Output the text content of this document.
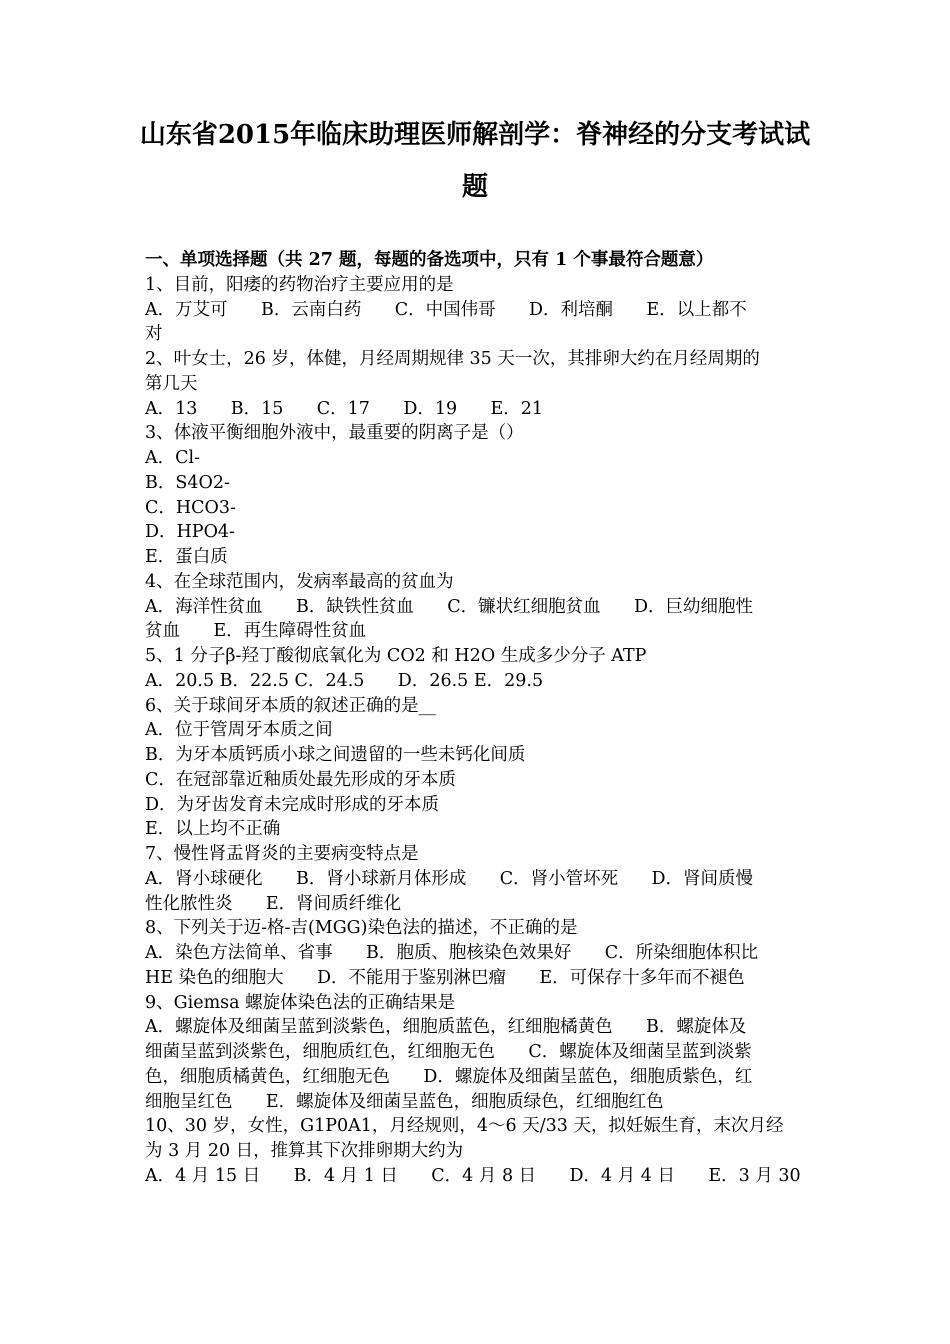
山东省2015年临床助理医师解剖学：脊神经的分支考试试
题
一、单项选择题（共 27 题，每题的备选项中，只有 1 个事最符合题意）
1、目前，阳痿的药物治疗主要应用的是
A．万艾可      B．云南白药      C．中国伟哥      D．利培酮      E．以上都不
对
2、叶女士，26 岁，体健，月经周期规律 35 天一次，其排卵大约在月经周期的
第几天
A．13      B．15      C．17      D．19      E．21
3、体液平衡细胞外液中，最重要的阴离子是（）
A．Cl-
B．S4O2-
C．HCO3-
D．HPO4-
E．蛋白质
4、在全球范围内，发病率最高的贫血为
A．海洋性贫血      B．缺铁性贫血      C．镰状红细胞贫血      D．巨幼细胞性
贫血      E．再生障碍性贫血
5、1 分子β-羟丁酸彻底氧化为 CO2 和 H2O 生成多少分子 ATP
A．20.5 B．22.5 C．24.5      D．26.5 E．29.5
6、关于球间牙本质的叙述正确的是__
A．位于管周牙本质之间
B．为牙本质钙质小球之间遗留的一些未钙化间质
C．在冠部靠近釉质处最先形成的牙本质
D．为牙齿发育未完成时形成的牙本质
E．以上均不正确
7、慢性肾盂肾炎的主要病变特点是
A．肾小球硬化      B．肾小球新月体形成      C．肾小管坏死      D．肾间质慢
性化脓性炎      E．肾间质纤维化
8、下列关于迈-格-吉(MGG)染色法的描述，不正确的是
A．染色方法简单、省事      B．胞质、胞核染色效果好      C．所染细胞体积比
HE 染色的细胞大      D．不能用于鉴别淋巴瘤      E．可保存十多年而不褪色
9、Giemsa 螺旋体染色法的正确结果是
A．螺旋体及细菌呈蓝到淡紫色，细胞质蓝色，红细胞橘黄色      B．螺旋体及
细菌呈蓝到淡紫色，细胞质红色，红细胞无色      C．螺旋体及细菌呈蓝到淡紫
色，细胞质橘黄色，红细胞无色      D．螺旋体及细菌呈蓝色，细胞质紫色，红
细胞呈红色      E．螺旋体及细菌呈蓝色，细胞质绿色，红细胞红色
10、30 岁，女性，G1P0A1，月经规则，4～6 天/33 天，拟妊娠生育，末次月经
为 3 月 20 日，推算其下次排卵期大约为
A．4 月 15 日      B．4 月 1 日      C．4 月 8 日      D．4 月 4 日      E．3 月 30
